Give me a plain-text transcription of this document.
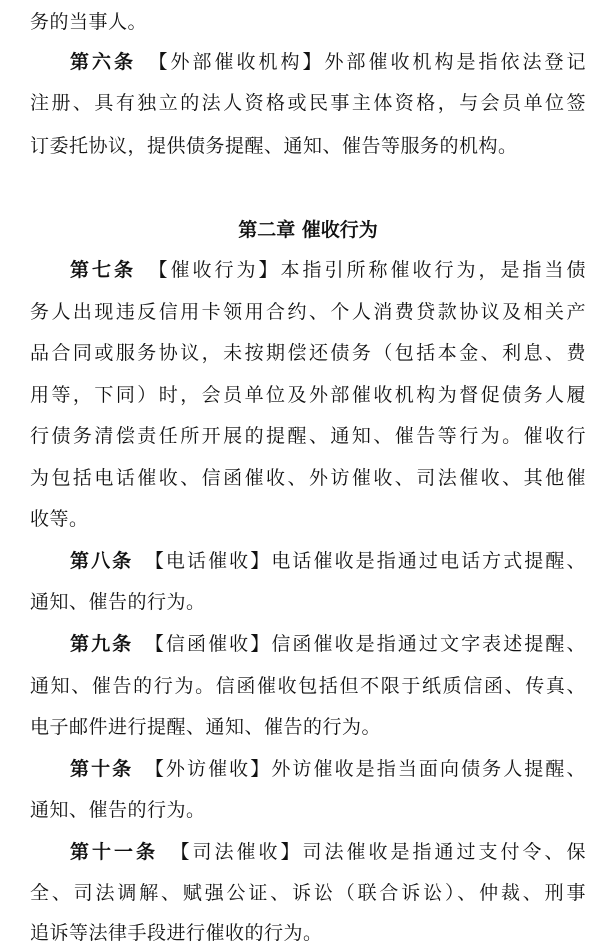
务的当事人。
第六条 【外部催收机构】外部催收机构是指依法登记
注册、具有独立的法人资格或民事主体资格，与会员单位签
订委托协议，提供债务提醒、通知、催告等服务的机构。
第二章 催收行为
第七条 【催收行为】本指引所称催收行为，是指当债
务人出现违反信用卡领用合约、个人消费贷款协议及相关产
品合同或服务协议，未按期偿还债务（包括本金、利息、费
用等，下同）时，会员单位及外部催收机构为督促债务人履
行债务清偿责任所开展的提醒、通知、催告等行为。催收行
为包括电话催收、信函催收、外访催收、司法催收、其他催
收等。
第八条 【电话催收】电话催收是指通过电话方式提醒、
通知、催告的行为。
第九条 【信函催收】信函催收是指通过文字表述提醒、
通知、催告的行为。信函催收包括但不限于纸质信函、传真、
电子邮件进行提醒、通知、催告的行为。
第十条 【外访催收】外访催收是指当面向债务人提醒、
通知、催告的行为。
第十一条 【司法催收】司法催收是指通过支付令、保
全、司法调解、赋强公证、诉讼（联合诉讼）、仲裁、刑事
追诉等法律手段进行催收的行为。
